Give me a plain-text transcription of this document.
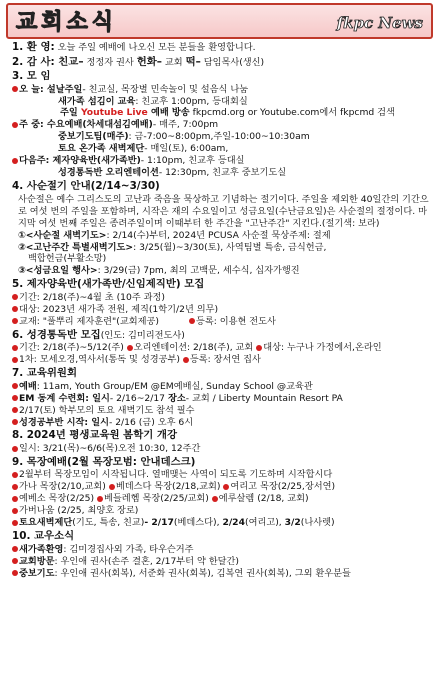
교회소식	fkpc News
1. 환 영: 오늘 주일 예배에 나오신 모든 분들을 환영합니다.
2. 감 사: 친교– 정정자 권사 헌화– 교회 떡– 담임목사(생신)
3. 모 임
오 늘: 설날주일- 친교실, 목장별 민속놀이 및 설음식 나눔
새가족 섬김이 교육: 친교후 1:00pm, 등대회실
주일 Youtube Live 예배 방송 fkpcmd.org or Youtube.com에서 fkpcmd 검색
주 중: 수요예배(차세대섬김예배)- 매주, 7:00pm
중보기도팀(매주): 금-7:00~8:00pm,주일-10:00~10:30am
토요 온가족 새벽제단- 매일(토), 6:00am,
다음주: 제자양육반(새가족반)- 1:10pm, 친교후 등대실
성경통독반 오리엔테이션- 12:30pm, 친교후 중보기도실
4. 사순절기 안내(2/14~3/30)
사순절은 예수 그리스도의 고난과 죽음을 묵상하고 기념하는 절기이다. 주일을 제외한 40일간의 기간으로 여섯 번의 주일을 포함하며, 시작은 재의 수요일이고 성금요일(수난금요일)은 사순절의 절정이다. 마지막 여섯 번째 주일은 종려주일이며 이때부터 한 주간을 "고난주간" 지킨다.(절기색: 보라)
①<사순절 새벽기도>: 2/14(수)부터, 2024년 PCUSA 사순절 묵상주제: 절제
②<고난주간 특별새벽기도>: 3/25(월)~3/30(토), 사역팀별 특송, 금식헌금,
백합헌금(부활소망)
③<성금요일 행사>: 3/29(금) 7pm, 최의 고백문, 세수식, 십자가행진
5. 제자양육반(새가족반/신임제직반) 모집
기간: 2/18(주)~4월 초 (10주 과정)
대상: 2023년 새가족 전원, 제직(1학기/2년 의무)
교재: "풀뿌리 제자훈련"(교회제공)	등록: 이용현 전도사
6. 성경통독반 모집(인도: 김미리전도사)
기간: 2/18(주)~5/12(주) 오리엔테이션: 2/18(주), 교회 대상: 누구나 가정에서,온라인
1차: 모세오경,역사서(통독 및 성경공부) 등록: 장서연 집사
7. 교육위원회
예배: 11am, Youth Group/EM @EM예배실, Sunday School @교육관
EM 동계 수련회: 일시- 2/16~2/17 장소- 교회 / Liberty Mountain Resort PA
2/17(토) 학부모의 토요 새벽기도 참석 필수
성경공부반 시작: 일시- 2/16 (금) 오후 6시
8. 2024년 평생교육원 봄학기 개강
일시: 3/21(목)~6/6(목)오전 10:30, 12주간
9. 목장예배(2월 목장모범: 안내데스크)
2월부터 목장모임이 시작됩니다. 열매맺는 사역이 되도록 기도하며 시작합시다
가나 목장(2/10,교회) 베데스다 목장(2/18,교회) 여리고 목장(2/25,장서연)
예베소 목장(2/25) 베들레헴 목장(2/25/교회) 에루살렘 (2/18, 교회)
가버나움 (2/25, 최양호 장로)
토요새벽제단(기도, 특송, 친교)- 2/17(베데스다), 2/24(여리고), 3/2(나사렛)
10. 교우소식
새가족환영: 김미경집사외 가족, 타우슨거주
교회방문: 우인애 권사(손주 결혼, 2/17부터 약 한달간)
중보기도: 우인애 권사(회복), 서준화 권사(회복), 김복연 권사(회복), 그외 환우분들
